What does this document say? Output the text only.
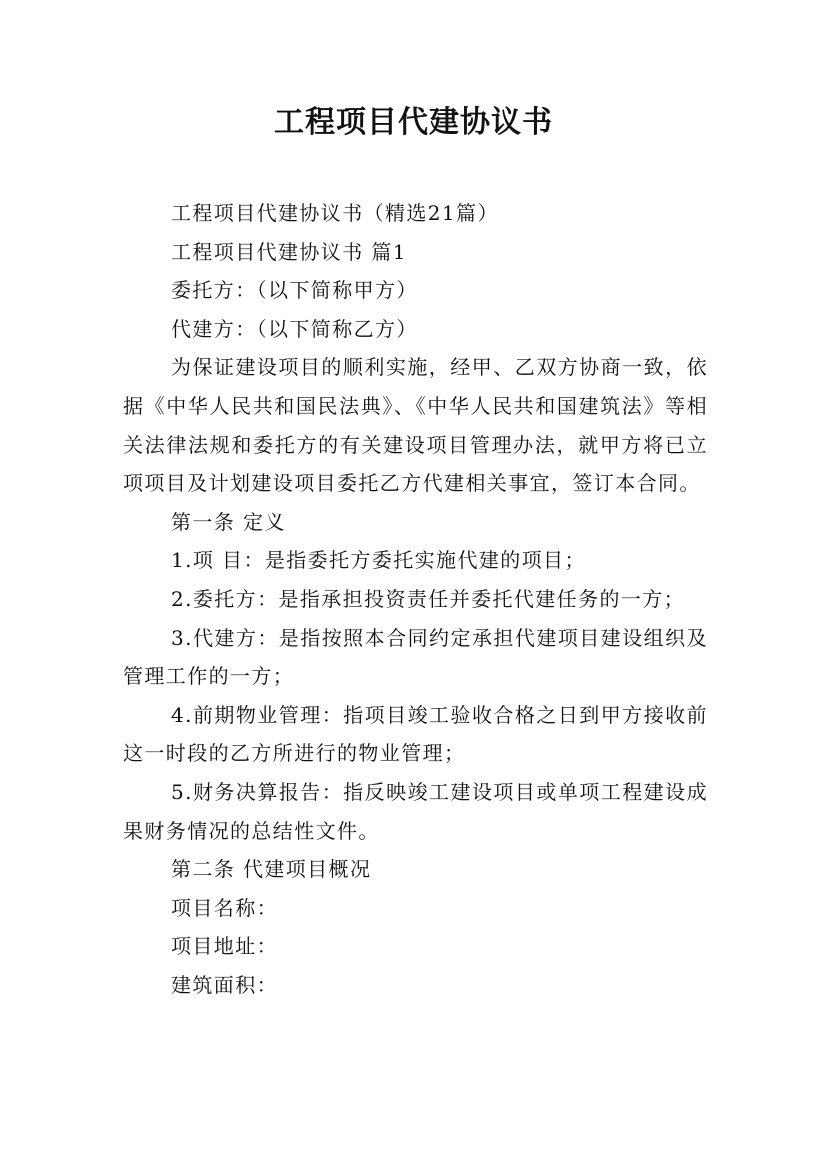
工程项目代建协议书

工程项目代建协议书（精选21篇）

工程项目代建协议书 篇1

委托方：（以下简称甲方）

代建方：（以下简称乙方）

为保证建设项目的顺利实施，经甲、乙双方协商一致，依据《中华人民共和国民法典》、《中华人民共和国建筑法》等相关法律法规和委托方的有关建设项目管理办法，就甲方将已立项项目及计划建设项目委托乙方代建相关事宜，签订本合同。

第一条 定义

1.项 目：是指委托方委托实施代建的项目；

2.委托方：是指承担投资责任并委托代建任务的一方；

3.代建方：是指按照本合同约定承担代建项目建设组织及管理工作的一方；

4.前期物业管理：指项目竣工验收合格之日到甲方接收前这一时段的乙方所进行的物业管理；

5.财务决算报告：指反映竣工建设项目或单项工程建设成果财务情况的总结性文件。

第二条 代建项目概况

项目名称：

项目地址：

建筑面积：
